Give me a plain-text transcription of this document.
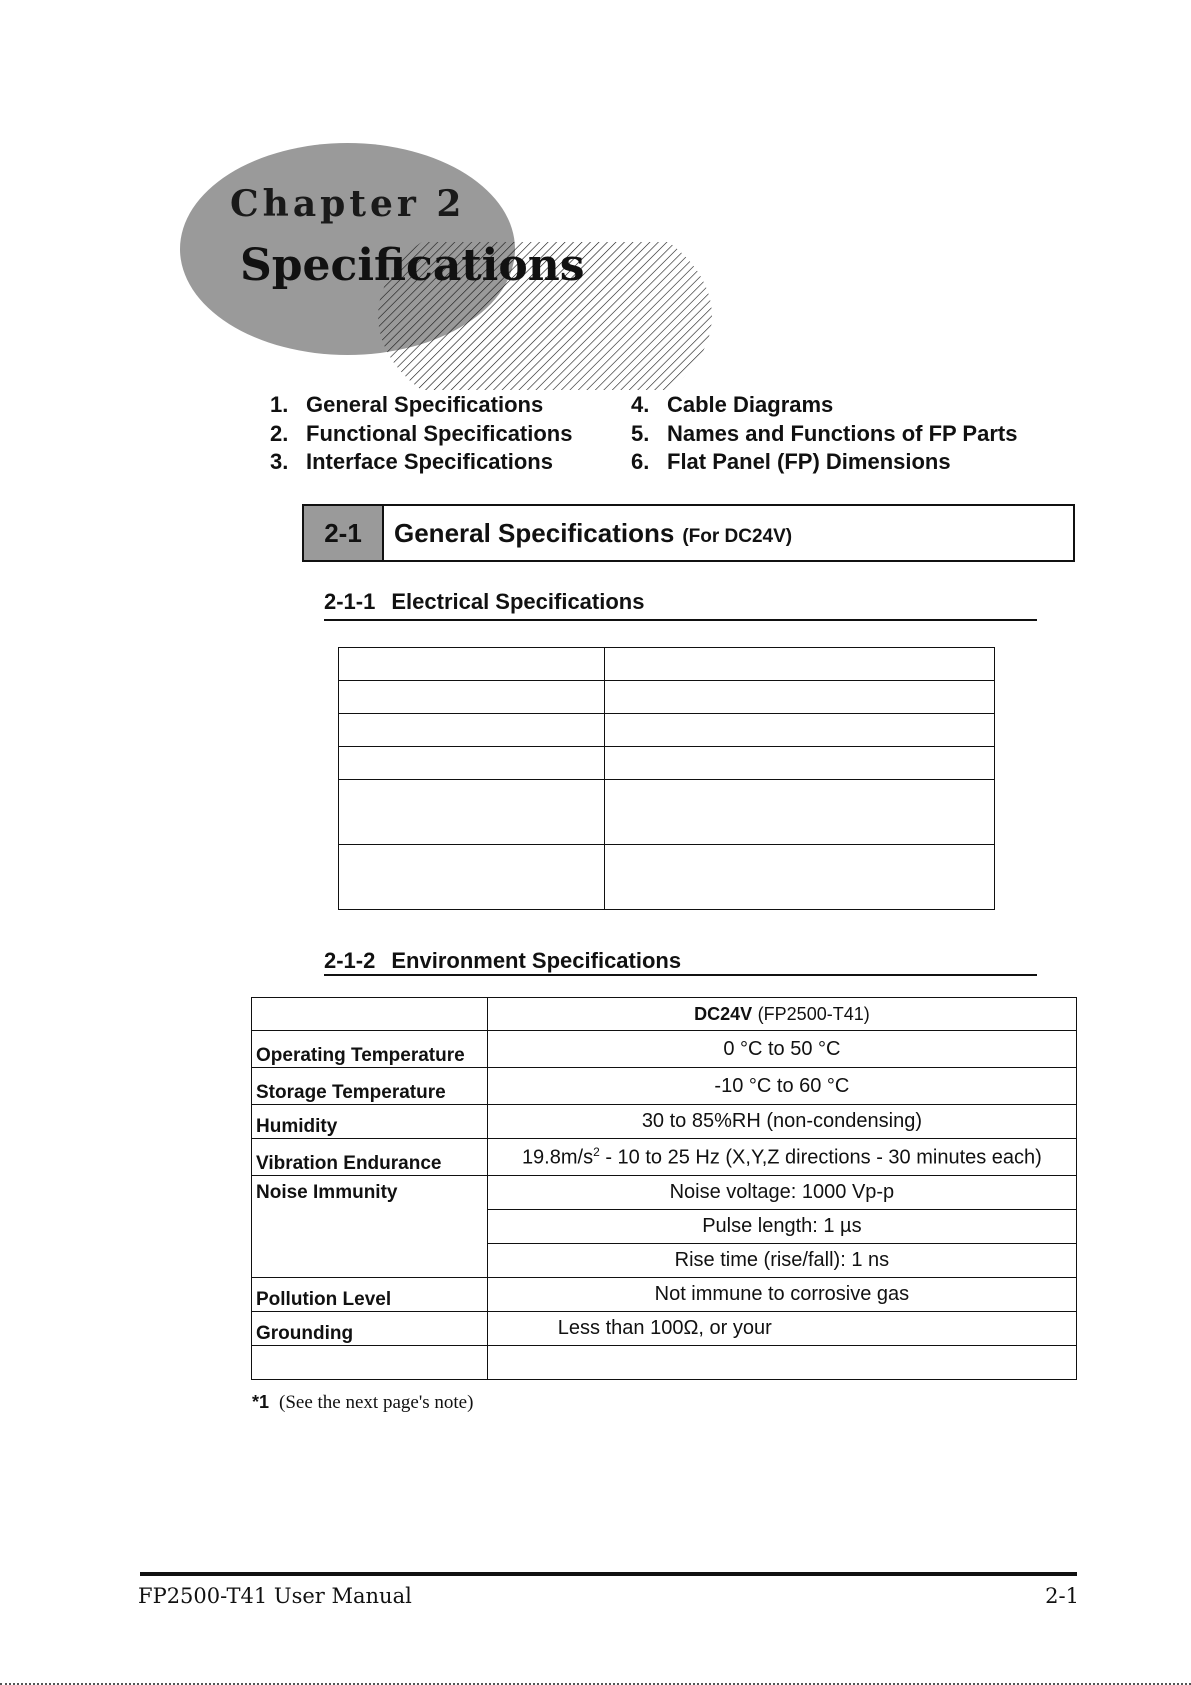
Chapter 2
Specifications
1. General Specifications
2. Functional Specifications
3. Interface Specifications
4. Cable Diagrams
5. Names and Functions of FP Parts
6. Flat Panel (FP) Dimensions
2-1	General Specifications (For DC24V)
2-1-1 Electrical Specifications

2-1-2 Environment Specifications
	DC24V (FP2500-T41)
Operating Temperature	0 °C to 50 °C
Storage Temperature	-10 °C to 60 °C
Humidity	30 to 85%RH (non-condensing)
Vibration Endurance	$19.8m/s^2 - 10$ to 25 Hz (X,Y,Z directions - 30 minutes each)
Noise Immunity	Noise voltage: 1000 Vp-p
	Pulse length: 1 µs
	Rise time (rise/fall): 1 ns
Pollution Level	Not immune to corrosive gas
Grounding	Less than 100Ω, or your

*1 (See the next page's note)
FP2500-T41 User Manual	2-1
